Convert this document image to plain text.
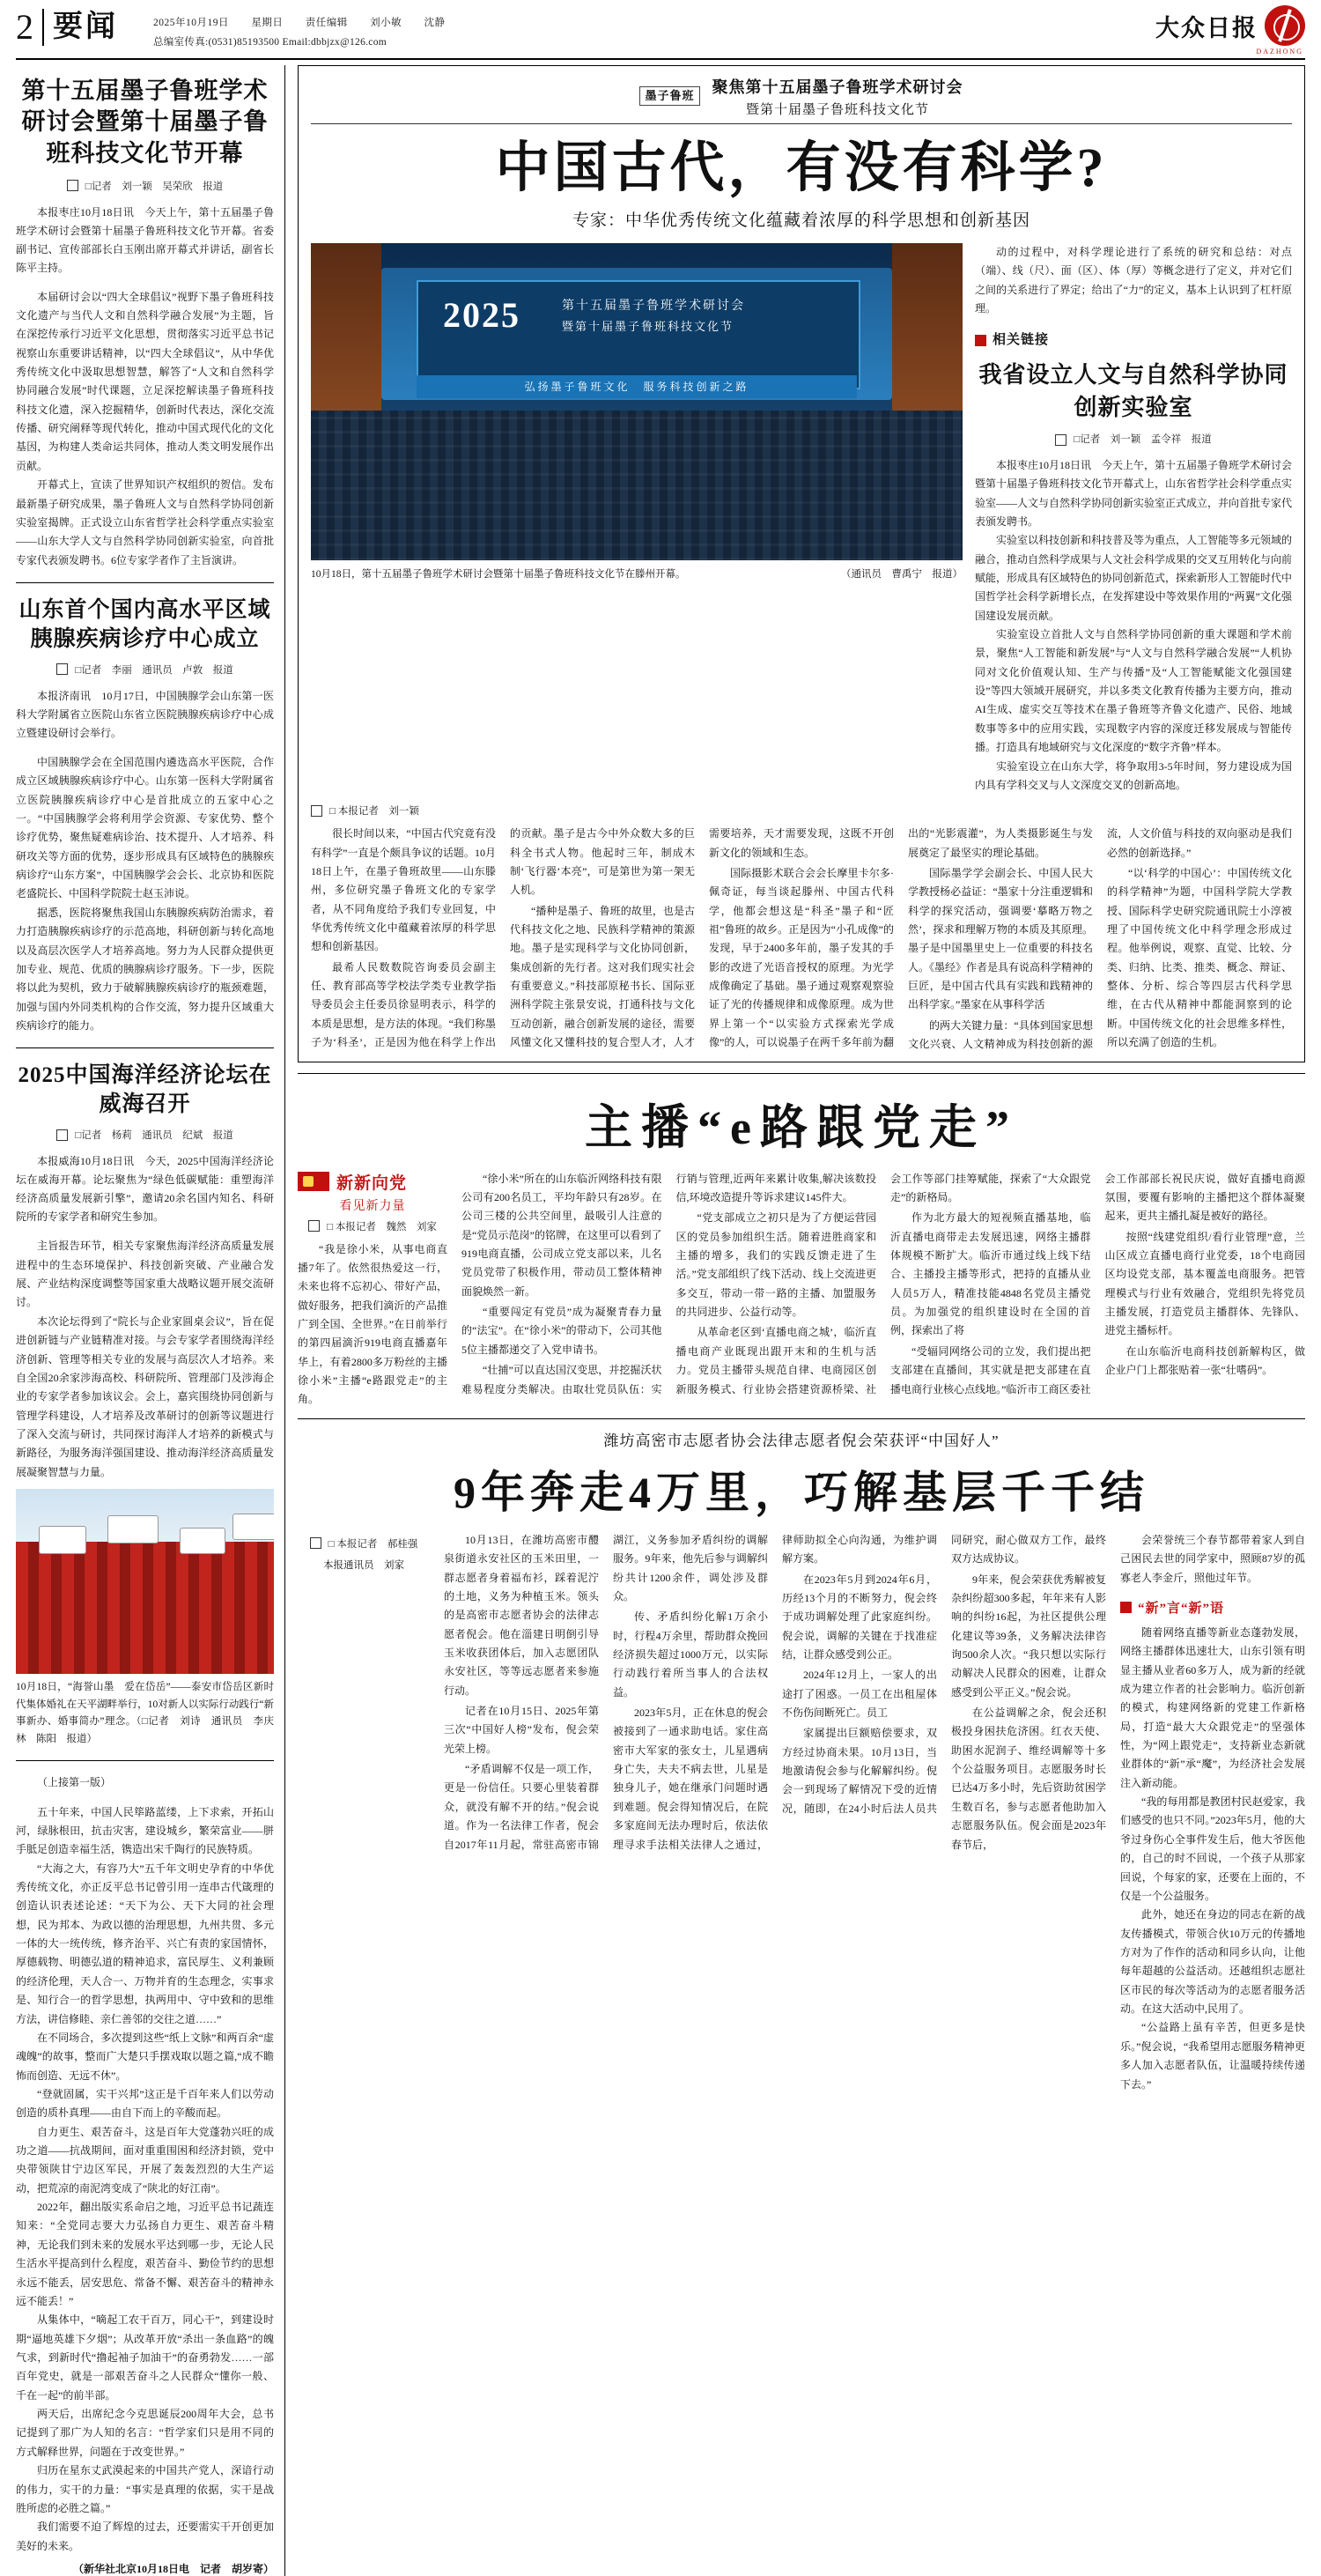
2 要闻	2025年10月19日 星期日 责任编辑 刘小敏 沈静
总编室传真:(0531)85193500 Email:dbbjzx@126.com
大众日报
DAZHONG
第十五届墨子鲁班学术研讨会暨第十届墨子鲁班科技文化节开幕
□记者　刘一颖　吴荣欣　报道

本报枣庄10月18日讯　今天上午，第十五届墨子鲁班学术研讨会暨第十届墨子鲁班科技文化节开幕。省委副书记、宣传部部长白玉刚出席开幕式并讲话，副省长陈平主持。

本届研讨会以“四大全球倡议”视野下墨子鲁班科技文化遗产与当代人文和自然科学融合发展”为主题，旨在深挖传承行习近平文化思想，贯彻落实习近平总书记视察山东重要讲话精神，以“四大全球倡议”，从中华优秀传统文化中汲取思想智慧，解答了“人文和自然科学协同融合发展”时代课题，立足深挖解读墨子鲁班科技科技文化遗，深入挖掘精华，创新时代表达，深化交流传播、研究阐释等现代转化，推动中国式现代化的文化基因，为构建人类命运共同体，推动人类文明发展作出贡献。

开幕式上，宣读了世界知识产权组织的贺信。发布最新墨子研究成果，墨子鲁班人文与自然科学协同创新实验室揭牌。正式设立山东省哲学社会科学重点实验室——山东大学人文与自然科学协同创新实验室，向首批专家代表颁发聘书。6位专家学者作了主旨演讲。

山东首个国内高水平区域胰腺疾病诊疗中心成立
□记者　李丽　通讯员　卢敦　报道

本报济南讯　10月17日，中国胰腺学会山东第一医科大学附属省立医院山东省立医院胰腺疾病诊疗中心成立暨建设研讨会举行。

中国胰腺学会在全国范围内遴选高水平医院，合作成立区域胰腺疾病诊疗中心。山东第一医科大学附属省立医院胰腺疾病诊疗中心是首批成立的五家中心之一。“中国胰腺学会将利用学会资源、专家优势、整个诊疗优势，聚焦疑难病诊治、技术提升、人才培养、科研攻关等方面的优势，逐步形成具有区域特色的胰腺疾病诊疗“山东方案”，中国胰腺学会会长、北京协和医院老盛院长、中国科学院院士赵玉沛说。

据悉，医院将聚焦我国山东胰腺疾病防治需求，着力打造胰腺疾病诊疗的示范高地，科研创新与转化高地以及高层次医学人才培养高地。努力为人民群众提供更加专业、规范、优质的胰腺病诊疗服务。下一步，医院将以此为契机，致力于破解胰腺疾病诊疗的瓶颈难题，加强与国内外同类机构的合作交流，努力提升区域重大疾病诊疗的能力。

2025中国海洋经济论坛在威海召开
□记者　杨莉　通讯员　纪斌　报道

本报威海10月18日讯　今天，2025中国海洋经济论坛在威海开幕。论坛聚焦为“绿色低碳赋能：重塑海洋经济高质量发展新引擎”，邀请20余名国内知名、科研院所的专家学者和研究生参加。

主旨报告环节，相关专家聚焦海洋经济高质量发展进程中的生态环境保护、科技创新突破、产业融合发展、产业结构深度调整等国家重大战略议题开展交流研讨。

本次论坛得到了“院长与企业家圆桌会议”，旨在促进创新链与产业链精准对接。与会专家学者围绕海洋经济创新、管理等相关专业的发展与高层次人才培养。来自全国20余家涉海高校、科研院所、管理部门及涉海企业的专家学者参加该议会。会上，嘉宾围绕协同创新与管理学科建设，人才培养及改革研讨的创新等议题进行了深入交流与研讨，共同探讨海洋人才培养的新模式与新路径，为服务海洋强国建设、推动海洋经济高质量发展凝聚智慧与力量。

10月18日，“海誉山墨　爱在岱岳”——泰安市岱岳区新时代集体婚礼在天平湖畔举行，10对新人以实际行动践行“新事新办、婚事简办”理念。（□记者　刘诗　通讯员　李庆林　陈阳　报道）

（上接第一版）

五十年来，中国人民筚路蓝缕，上下求索，开拓山河，绿脉根田，抗击灾害，建设城乡，繁荣富业——胼手胝足创造幸福生活，镌造出宋千陶行的民族特质。

“大海之大，有容乃大”五千年文明史孕育的中华优秀传统文化，亦正反平总书记曾引用一连串古代箴理的创造认识表述论述：“天下为公、天下大同的社会理想，民为邦本、为政以德的治理思想，九州共贯、多元一体的大一统传统，修齐治平、兴亡有责的家国情怀，厚德载物、明德弘道的精神追求，富民厚生、义利兼顾的经济伦理，天人合一、万物并育的生态理念，实事求是、知行合一的哲学思想，执两用中、守中致和的思维方法，讲信修睦、亲仁善邻的交往之道……”

在不同场合，多次提到这些“纸上文脉”和两百余“虚魂魄”的故事，整而广大楚只手摆戏取以题之篇,“成不瞻怖而创造、无远不休”。

“登就固属，实干兴邦”这正是千百年来人们以劳动创造的质朴真理——由自下而上的辛酸而起。

自力更生、艰苦奋斗，这是百年大党蓬勃兴旺的成功之道——抗战期间，面对重重围困和经济封锁，党中央带领陕甘宁边区军民，开展了轰轰烈烈的大生产运动，把荒凉的南泥湾变成了“陕北的好江南”。

2022年，翻出版实系命启之地，习近平总书记蔬连知来：“全党同志要大力弘扬自力更生、艰苦奋斗精神，无论我们到未来的发展水平达到哪一步，无论人民生活水平提高到什么程度，艰苦奋斗、勤俭节约的思想永远不能丢，居安思危、常备不懈、艰苦奋斗的精神永远不能丢！”

从集体中，“嘀起工农干百万，同心干”，到建设时期“逼地英雄下夕烟”；从改革开放“杀出一条血路”的魄气求，到新时代“撸起袖子加油干”的奋勇勃发……一部百年党史，就是一部艰苦奋斗之人民群众“懂你一般、千在一起”的前半部。

两天后，出席纪念今克思诞辰200周年大会，总书记提到了那广为人知的名言：“哲学家们只是用不同的方式解释世界，问题在于改变世界。”

归历在星东丈武漠起来的中国共产党人，深谙行动的伟力，实干的力量：“事实是真理的依据，实干是战胜所虑的必胜之篇。”

我们需要不迫了辉煌的过去，还要需实干开创更加美好的未来。

（新华社北京10月18日电　记者　胡岁寄）
墨子鲁班
聚焦第十五届墨子鲁班学术研讨会
暨第十届墨子鲁班科技文化节
中国古代，有没有科学?
专家：中华优秀传统文化蕴藏着浓厚的科学思想和创新基因
2025	第十五届墨子鲁班学术研讨会
暨第十届墨子鲁班科技文化节
弘扬墨子鲁班文化　服务科技创新之路
10月18日，第十五届墨子鲁班学术研讨会暨第十届墨子鲁班科技文化节在滕州开幕。	（通讯员　曹禹宁　报道）

动的过程中，对科学理论进行了系统的研究和总结：对点（端）、线（尺）、面（区）、体（厚）等概念进行了定义，并对它们之间的关系进行了界定；给出了“力”的定义，基本上认识到了杠杆原理。

相关链接
我省设立人文与自然科学协同创新实验室
□记者　刘一颖　孟令祥　报道

本报枣庄10月18日讯　今天上午，第十五届墨子鲁班学术研讨会暨第十届墨子鲁班科技文化节开幕式上，山东省哲学社会科学重点实验室——人文与自然科学协同创新实验室正式成立，并向首批专家代表颁发聘书。

实验室以科技创新和科技普及等为重点，人工智能等多元领域的融合，推动自然科学成果与人文社会科学成果的交叉互用转化与向前赋能，形成具有区域特色的协同创新范式，探索新形人工智能时代中国哲学社会科学新增长点，在发挥建设中等效果作用的“两翼”文化强国建设发展贡献。

实验室设立首批人文与自然科学协同创新的重大课题和学术前景，聚焦“人工智能和新发展”与“人文与自然科学融合发展”“人机协同对文化价值观认知、生产与传播”及“人工智能赋能文化强国建设”等四大领域开展研究，并以多类文化教育传播为主要方向，推动AI生成、虚实交互等技术在墨子鲁班等齐鲁文化遗产、民俗、地域数事等多中的应用实践，实现数字内容的深度迁移发展成与智能传播。打造具有地域研究与文化深度的“数字齐鲁”样本。

实验室设立在山东大学，将争取用3-5年时间，努力建设成为国内具有学科交叉与人文深度交叉的创新高地。

□ 本报记者　刘一颖

很长时间以来，“中国古代究竟有没有科学”一直是个颇具争议的话题。10月18日上午，在墨子鲁班故里——山东滕州，多位研究墨子鲁班文化的专家学者，从不同角度给予我们专业回复，中华优秀传统文化中蕴藏着浓厚的科学思想和创新基因。

最希人民数数院咨询委员会副主任、教育部高等学校法学类专业教学指导委员会主任委员徐显明表示，科学的本质是思想，是方法的体现。“我们称墨子为‘科圣’，正是因为他在科学上作出的贡献。墨子是古今中外众数大多的巨科全书式人物。他起时三年，制成木制‘飞行器’本亮”，可是第世为第一架无人机。

“播种是墨子、鲁班的故里，也是古代科技文化之地、民族科学精神的策源地。墨子是实现科学与文化协同创新，集成创新的先行者。这对我们现实社会有重要意义。”科技部原秘书长、国际亚洲科学院主张景安说，打通科技与文化互动创新，融合创新发展的途径，需要风懂文化又懂科技的复合型人才，人才需要培养，天才需要发现，这既不开创新文化的领域和生态。

国际摄影术联合会会长摩里卡尔多·佩奇证，每当谈起滕州、中国古代科学，他都会想这是“科圣”墨子和“匠祖”鲁班的故乡。正是因为“小孔成像”的发现，早于2400多年前，墨子发其的手影的改进了光语音授权的原理。为光学成像确定了基础。墨子通过观察观察验证了光的传播规律和成像原理。成为世界上第一个“以实验方式探索光学成像”的人，可以说墨子在两千多年前为翻出的“光影震灌”，为人类摄影诞生与发展奠定了最坚实的理论基础。

国际墨学学会副会长、中国人民大学教授杨必益证：“墨家十分注重逻辑和科学的探究活动，强调要‘摹略万物之然’，探求和理解万物的本质及其原理。墨子是中国墨里史上一位重要的科技名人。《墨经》作者是具有说高科学精神的巨匠，是中国古代具有实践和践精神的出科学家。”墨家在从事科学活

的两大关键力量：“具体到国家思想文化兴衰、人文精神成为科技创新的源流，人文价值与科技的双向驱动是我们必然的创新选择。”

“以‘科学的中国心’：中国传统文化的科学精神”为题，中国科学院大学教授、国际科学史研究院通讯院士小淳被理了中国传统文化中科学理念形成过程。他举例说，观察、直觉、比较、分类、归纳、比类、推类、概念、辩证、整体、分析、综合等四层古代科学思维，在古代从精神中都能洞察到的论断。中国传统文化的社会思维多样性，所以充满了创造的生机。

主播“e路跟党走”
新新向党
看见新力量
□ 本报记者　魏然　刘家

“我是徐小米，从事电商直播7年了。依然很热爱这一行，未来也将不忘初心、带好产品，做好服务，把我们滴沂的产品推广到全国、全世界。”在日前举行的第四届滴沂919电商直播嘉年华上，有着2800多万粉丝的主播徐小米”主播“e路跟党走”的主角。

“徐小米”所在的山东临沂网络科技有限公司有200名员工，平均年龄只有28岁。在公司三楼的公共空间里，最吸引人注意的是“党员示范岗”的铭牌，在这里可以看到了919电商直播，公司成立党支部以来，儿名党员党带了积极作用，带动员工整体精神面貌焕然一新。

“重要闯定有党员”成为凝聚青春力量的“法宝”。在“徐小米”的带动下，公司其他5位主播都递交了入党申请书。

“壮捕”可以直达国汉变思，并挖掘沃状难易程度分类解决。由取壮党员队伍：实行销与管理,近两年来累计收集,解决该数投信,环境改造提升等诉求建议145件大。

“党支部成立之初只是为了方便运营园区的党员参加组织生活。随着进胜商家和主播的增多，我们的实践反馈走进了生活。”党支部组织了线下活动、线上交流进更多交互，带动一带一路的主播、加盟服务的共同进步、公益行动等。

从革命老区到‘直播电商之城’，临沂直播电商产业既现出跟开末和的生机与活力。党员主播带头规范自律、电商园区创新服务模式、行业协会搭建资源桥梁、社会工作等部门挂筹赋能，探索了“大众跟党走”的新格局。

作为北方最大的短视频直播基地，临沂直播电商带走去发展迅速，网络主播群体规模不断扩大。临沂市通过线上线下结合、主播投主播等形式，把持的直播从业人员5万人，精准技能4848名党员主播党员。为加强党的组织建设时在全国的首例，探索出了将

“受辐同网络公司的立发，我们提出把支部建在直播间，其实就是把支部建在直播电商行业核心点线地。”临沂市工商区委社会工作部部长祝民庆说，做好直播电商源氛围，要覆有影响的主播把这个群体凝聚起来，更共主播扎凝是被好的路径。

按照“线建党组织/看行业管理”意，兰山区成立直播电商行业党委，18个电商园区均设党支部，基本覆盖电商服务。把管理模式与行业有效融合，党组织先将党员主播发展，打造党员主播群体、先锋队、进党主播标杆。

在山东临沂电商科技创新解构区，做企业户门上都张贴着一张“壮嗜码”。

潍坊高密市志愿者协会法律志愿者倪会荣获评“中国好人”
9年奔走4万里，巧解基层千千结
□ 本报记者　郝桂强
本报通讯员　刘家

10月13日，在潍坊高密市醴泉街道永安社区的玉米田里，一群志愿者身着福布衫，踩着泥泞的土地，义务为种植玉米。领头的是高密市志愿者协会的法律志愿者倪会。他在淄建日明倒引导玉米收获团体后，加入志愿团队永安社区，等等远志愿者来参施行动。

记者在10月15日、2025年第三次“中国好人榜”发布，倪会荣光荣上榜。

“矛盾调解不仅是一项工作，更是一份信任。只要心里装着群众，就没有解不开的结。”倪会说道。作为一名法律工作者，倪会自2017年11月起，常驻高密市锦湖江，义务参加矛盾纠纷的调解服务。9年来，他先后参与调解纠纷共计1200余件，调处涉及群众。

传、矛盾纠纷化解1万余小时，行程4万余里，帮助群众挽回经济损失超过1000万元，以实际行动践行着所当事人的合法权益。

2023年5月，正在休息的倪会被接到了一通求助电话。家住高密市大军家的张女士，儿星遇病身亡失，夫夫不病去世，儿星是独身儿子，她在继承门问题时遇到难题。倪会得知情况后，在院多家庭间无法办理时后，依法依理寻求手法相关法律人之通过，律师助拟全心向沟通，为维护调解方案。

在2023年5月到2024年6月，历经13个月的不断努力，倪会终于成功调解处理了此家庭纠纷。倪会说，调解的关键在于找准症结，让群众感受到公正。

2024年12月上，一家人的出途打了困惑。一员工在出租屋体不伤伤间断死亡。员工

家属提出巨额赔偿要求，双方经过协商未果。10月13日，当地激请倪会参与化解解纠纷。倪会一到现场了解情况下受的近情况，随即，在24小时后法人员共同研究，耐心做双方工作，最终双方达成协议。

9年来，倪会荣获优秀解被复杂纠纷超300多起，年年来有人影响的纠纷16起，为社区提供公理化建议等39条，义务解决法律咨询500余人次。“我只想以实际行动解决人民群众的困难，让群众感受到公平正义。”倪会说。

在公益调解之余，倪会还积极投身困扶危济困。红衣天使、助困水泥润子、维经调解等十多个公益服务项目。志愿服务时长已达4万多小时，先后资助贫困学生数百名，参与志愿者他助加入志愿服务队伍。倪会面是2023年春节后，

会荣誉统三个春节都带着家人到自己困民去世的同学家中，照顾87岁的孤寡老人李金斤，照他过年节。

“新”言“新”语

随着网络直播等新业态蓬勃发展，网络主播群体迅速壮大，山东引领有明显主播从业者60多万人，成为新的经就成为建立作者的社会影响力。临沂创新的模式，构建网络新的党建工作新格局，打造“最大大众跟党走”的坚强体性，为“网上跟党走”，支持新业态新就业群体的“新”承“魔”，为经济社会发展注入新动能。

“我的每用都是教团村民赵爱家，我们感受的也只不同。”2023年5月，他的大爷过身伤心全事件发生后，他大爷医他的，自己的时不回说，一个孩子从那家回说，个每家的家，还要在上面的，不仅是一个公益服务。

此外，她还在身边的同志在新的战友传播模式，带领合伙10万元的传播地方对为了作作的活动和同乡认向，让他每年超越的公益活动。还越组织志愿社区市民的每次等活动为的志愿者服务活动。在这大活动中,民用了。

“公益路上虽有辛苦，但更多是快乐。”倪会说，“我希望用志愿服务精神更多人加入志愿者队伍，让温暖持续传递下去。”
